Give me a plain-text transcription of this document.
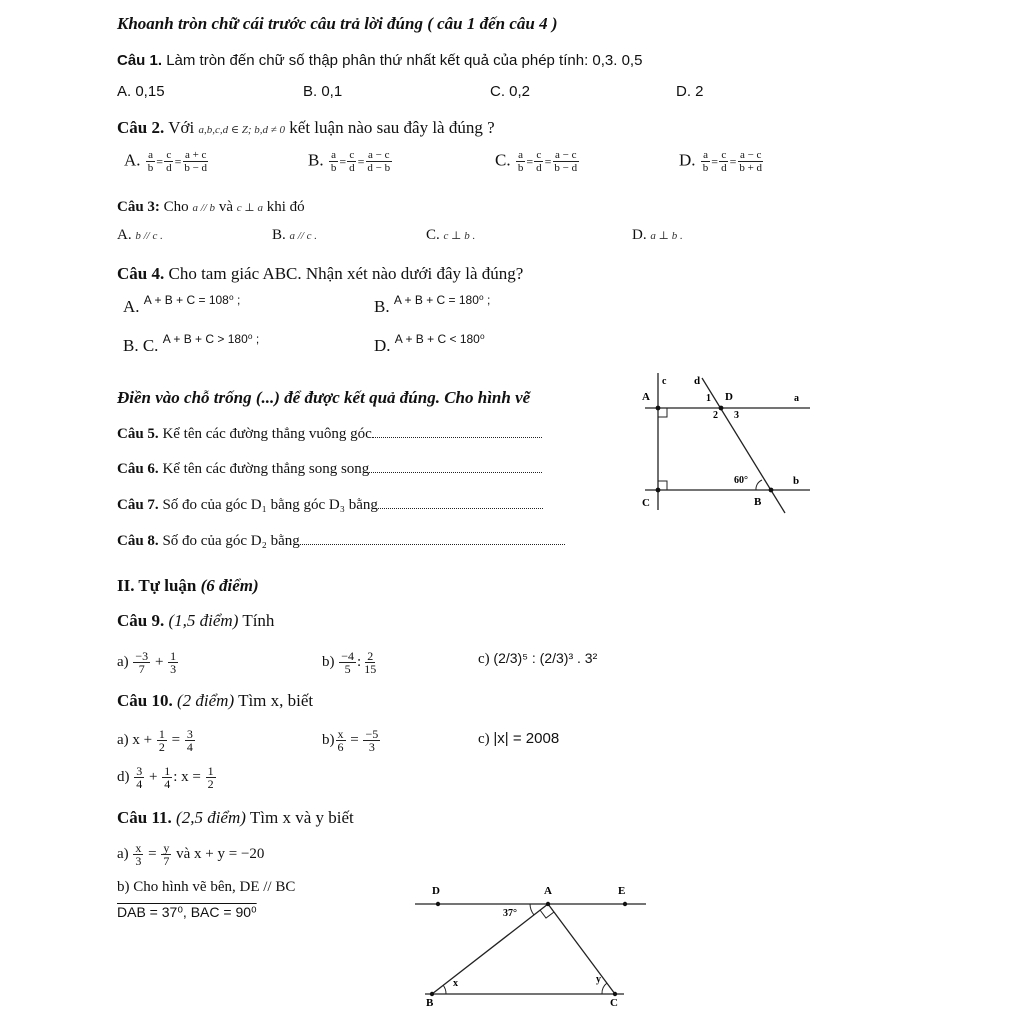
Khoanh tròn chữ cái trước câu trả lời đúng ( câu 1 đến câu 4 )
Câu 1. Làm tròn đến chữ số thập phân thứ nhất kết quả của phép tính: 0,3. 0,5
A. 0,15	B. 0,1	C. 0,2	D. 2
Câu 2. Với a,b,c,d ∈ Z; b,d ≠ 0 kết luận nào sau đây là đúng ?
A. $\frac{a}{b} = \frac{c}{d} = \frac{a + c}{b - d}$	B. $\frac{a}{b} = \frac{c}{d} = \frac{a - c}{d - b}$	C. $\frac{a}{b} = \frac{c}{d} = \frac{a - c}{b - d}$	D. $\frac{a}{b} = \frac{c}{d} = \frac{a - c}{b + d}$
Câu 3: Cho a // b và c ⊥ a khi đó
A. b // c .	B. a // c .	C. c ⊥ b .	D. a ⊥ b .
Câu 4. Cho tam giác ABC. Nhận xét nào dưới đây là đúng?
A. $^{A + B + C = 108^0 ;}$	B. $^{A + B + C = 180^0 ;}$
B. C. $^{A + B + C > 180^0 ;}$	D. $^{A + B + C < 180^0}$
Điền vào chỗ trống (...) để được kết quả đúng. Cho hình vẽ
Câu 5. Kể tên các đường thẳng vuông góc
Câu 6. Kể tên các đường thẳng song song
Câu 7. Số đo của góc D₁ bằng góc D₃ bằng
Câu 8. Số đo của góc D₂ bằng
A	D
C	B
a
b
c	d
1
2 3
60°
II. Tự luận (6 điểm)
Câu 9. (1,5 điểm) Tính
$a) \frac{-3}{7} + \frac{1}{3}$	$b) \frac{-4}{5}$ : $\frac{2}{15}$	c) (2/3)⁵ : (2/3)³ . 3²
Câu 10. (2 điểm) Tìm x, biết
a) $x + \frac{1}{2} = \frac{3}{4}$	$b) \frac{x}{6} = \frac{-5}{3}$	c) |x| = 2008
$d) \frac{3}{4} + \frac{1}{4}$ : $x = \frac{1}{2}$
Câu 11. (2,5 điểm) Tìm x và y biết
$a) \frac{x}{3} = \frac{y}{7}$ và x + y = −20
b) Cho hình vẽ bên, DE // BC
DAB = 37⁰, BAC = 90⁰
D	A	E
B	C
37°
x	y
